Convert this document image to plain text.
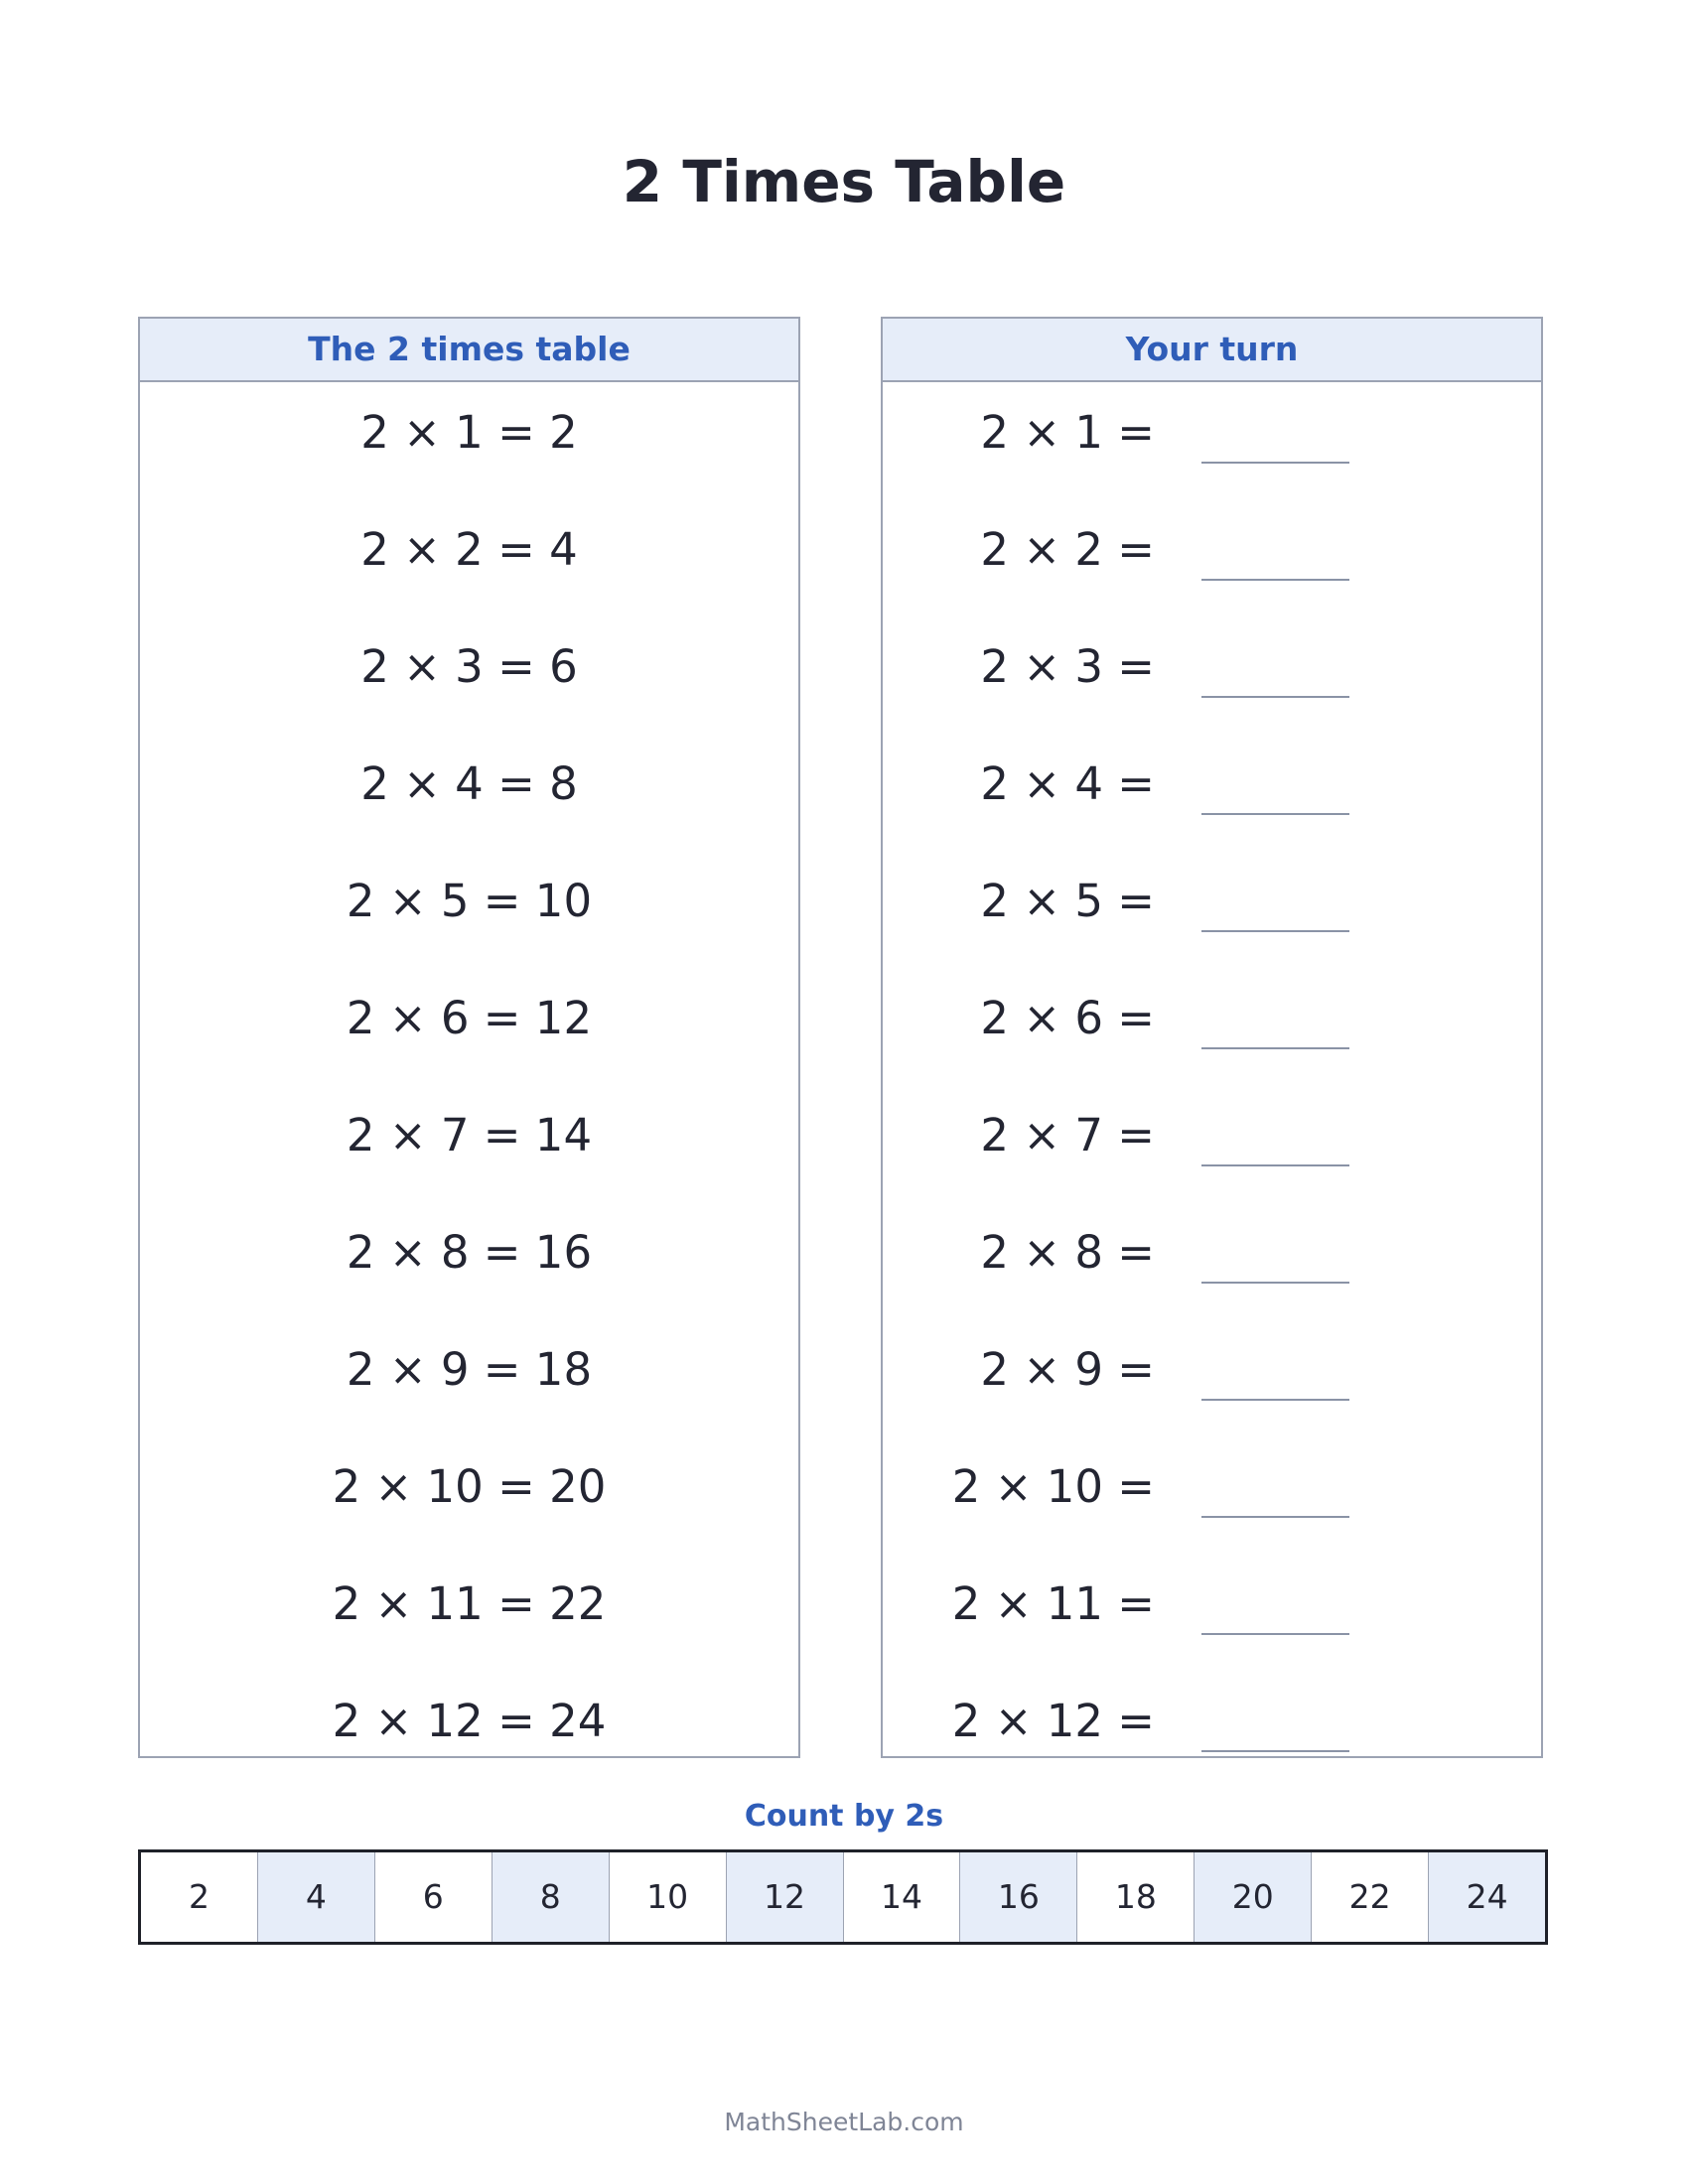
2 Times Table
The 2 times table
2 × 1 = 2
2 × 2 = 4
2 × 3 = 6
2 × 4 = 8
2 × 5 = 10
2 × 6 = 12
2 × 7 = 14
2 × 8 = 16
2 × 9 = 18
2 × 10 = 20
2 × 11 = 22
2 × 12 = 24
Your turn
2 × 1 =
2 × 2 =
2 × 3 =
2 × 4 =
2 × 5 =
2 × 6 =
2 × 7 =
2 × 8 =
2 × 9 =
2 × 10 =
2 × 11 =
2 × 12 =
Count by 2s
2	4	6	8	10	12	14	16	18	20	22	24
MathSheetLab.com
